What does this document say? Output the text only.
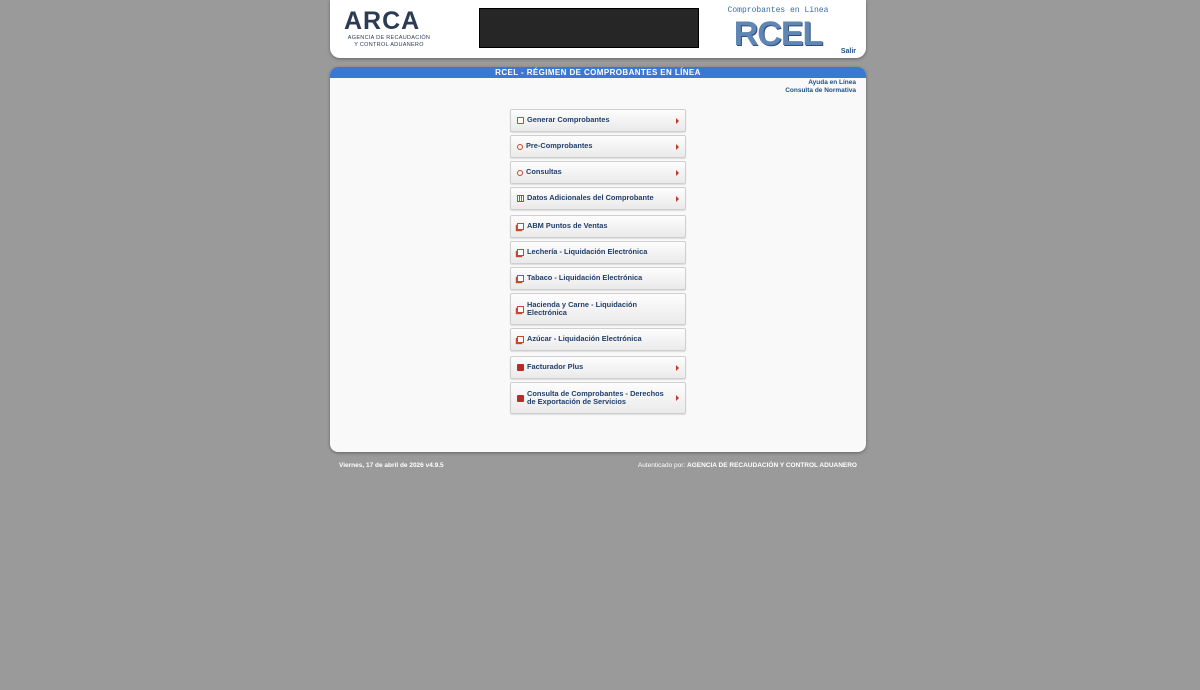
ARCA
AGENCIA DE RECAUDACIÓN
Y CONTROL ADUANERO
Comprobantes en Línea
RCEL	Salir
RCEL - RÉGIMEN DE COMPROBANTES EN LÍNEA
Ayuda en Línea
Consulta de Normativa
Generar Comprobantes
Pre-Comprobantes
Consultas
Datos Adicionales del Comprobante
ABM Puntos de Ventas
Lechería - Liquidación Electrónica
Tabaco - Liquidación Electrónica
Hacienda y Carne - Liquidación Electrónica
Azúcar - Liquidación Electrónica
Facturador Plus
Consulta de Comprobantes - Derechos de Exportación de Servicios
Viernes, 17 de abril de 2026 v4.9.5	Autenticado por: AGENCIA DE RECAUDACIÓN Y CONTROL ADUANERO
